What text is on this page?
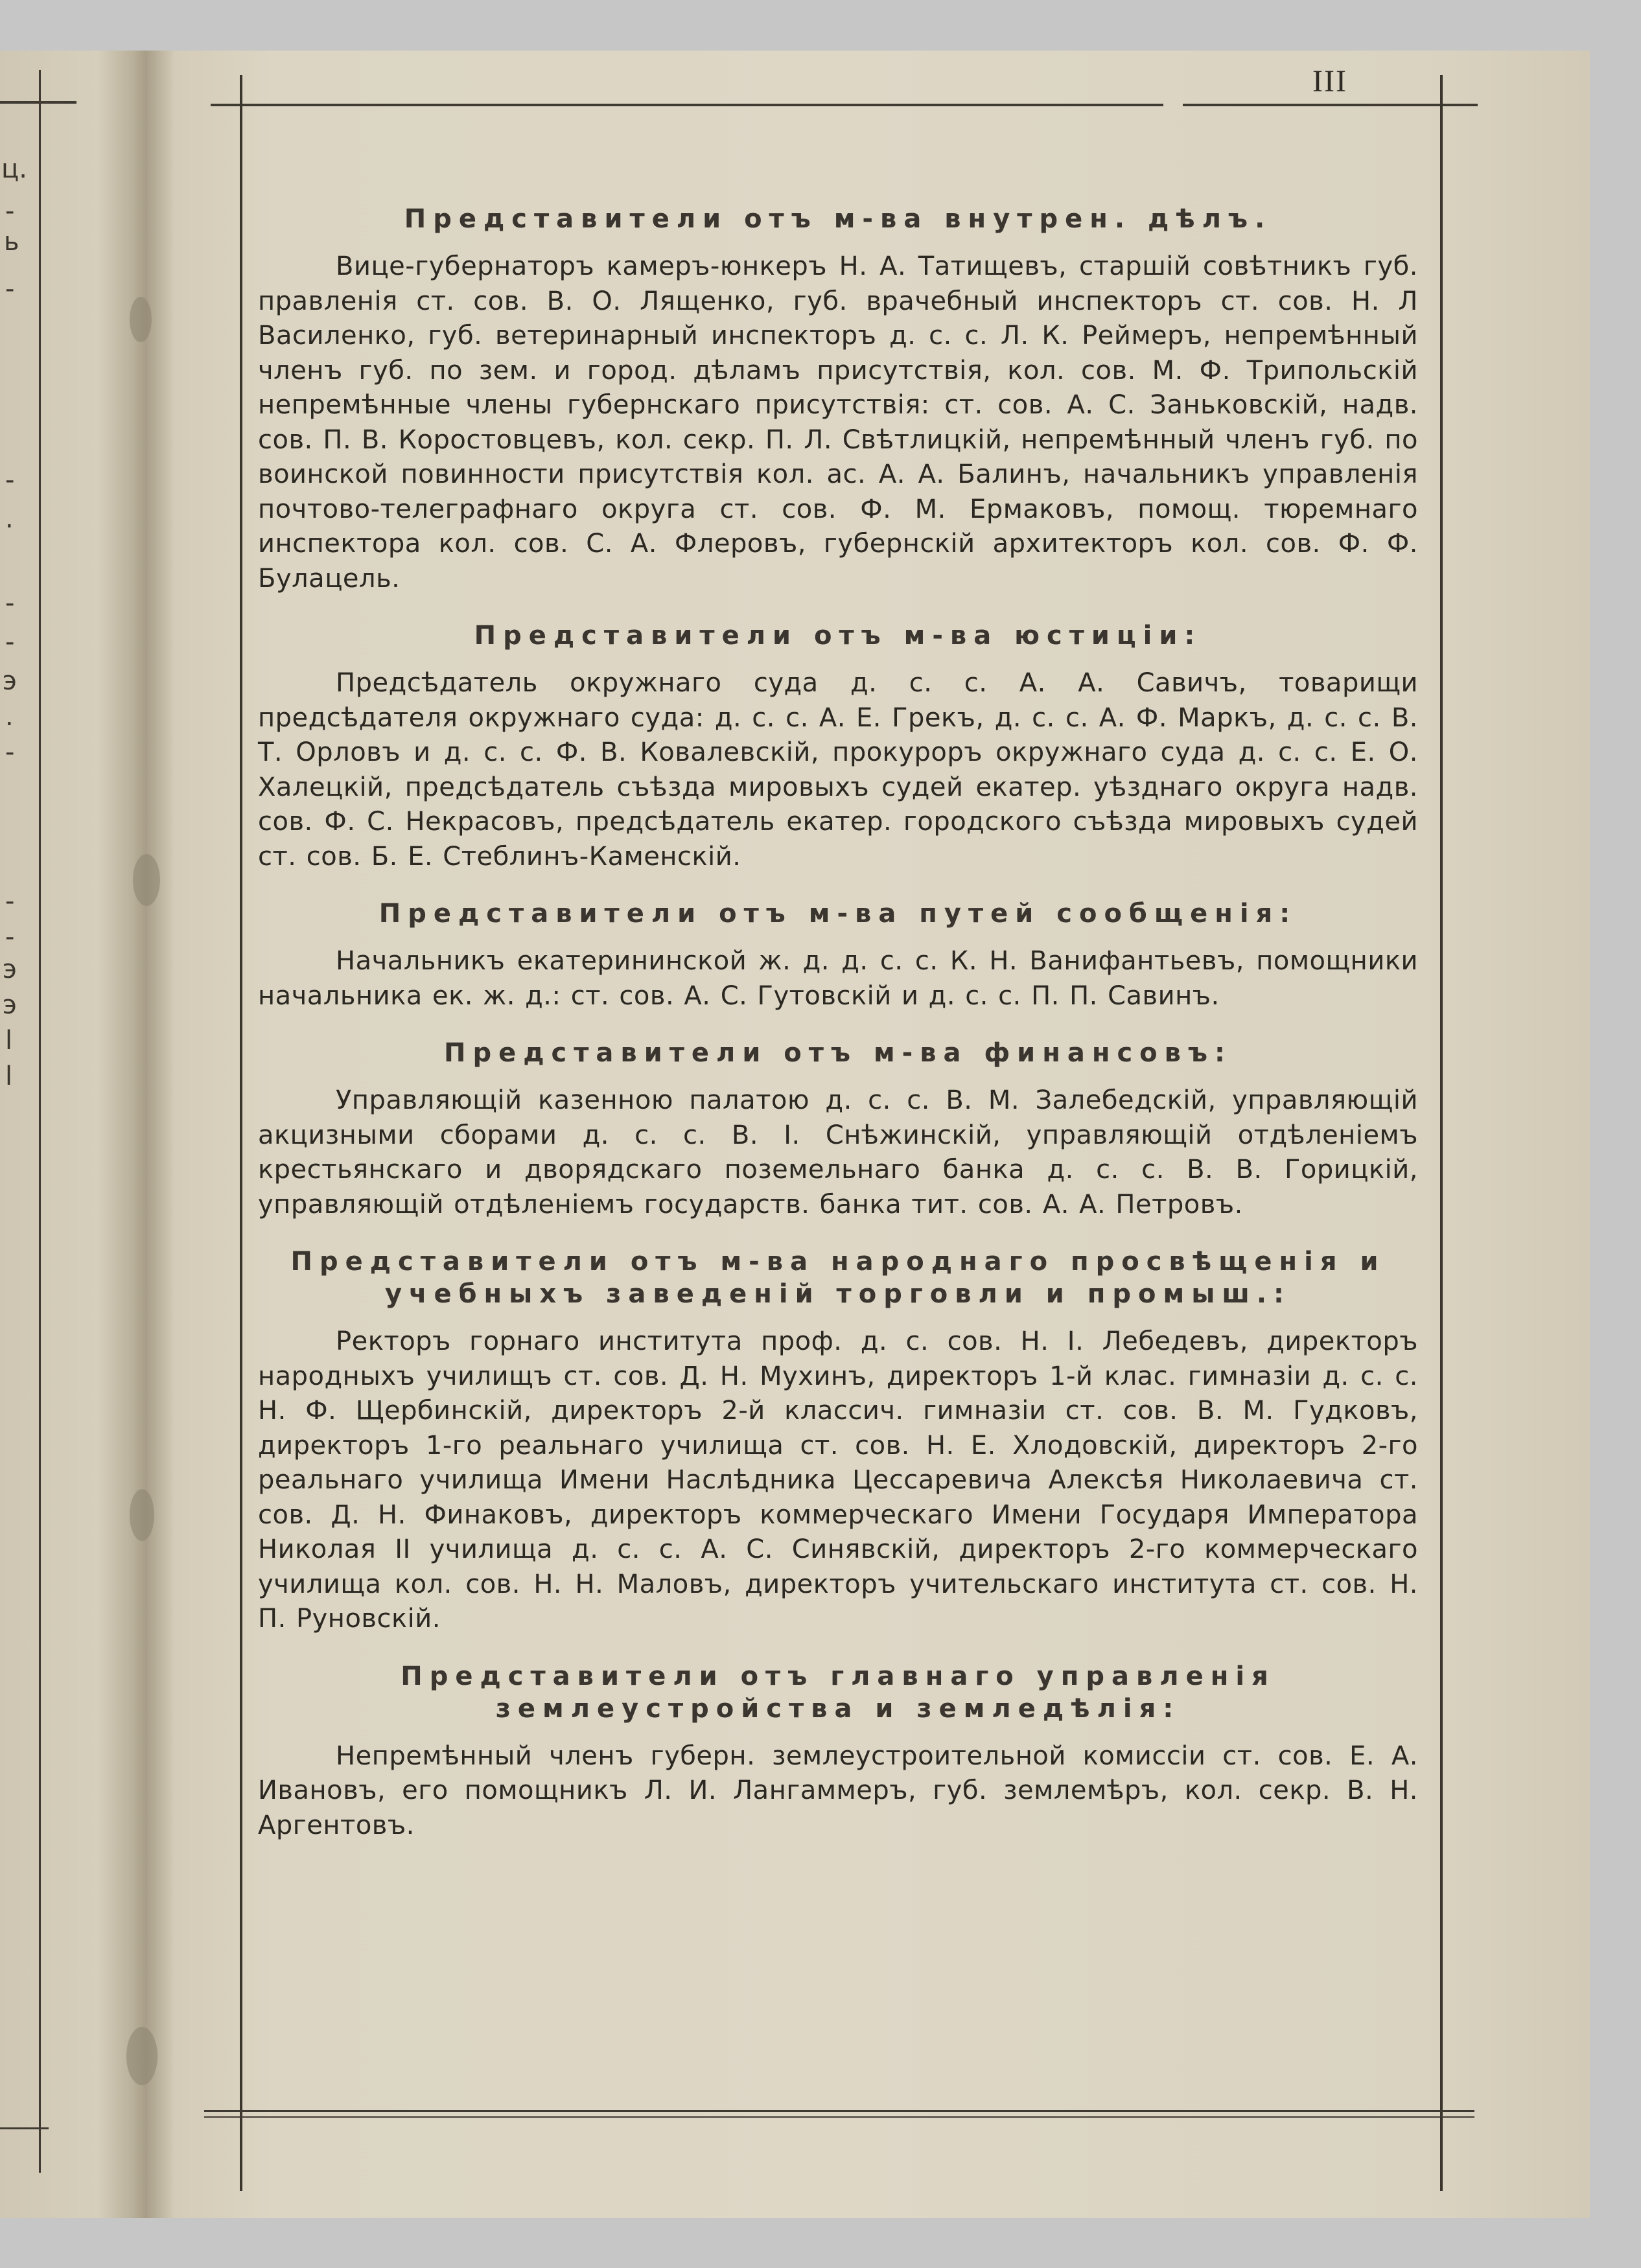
ц.
-
ь
-
-
.
-
-
э
.
-
-
-
э
э
l
l
III
Представители отъ м-ва внутрен. дѣлъ.

Вице-губернаторъ камеръ-юнкеръ Н. А. Татищевъ, старшій совѣтникъ губ. правленія ст. сов. В. О. Лященко, губ. врачебный инспекторъ ст. сов. Н. Л Василенко, губ. ветеринарный инспекторъ д. с. с. Л. К. Реймеръ, непремѣнный членъ губ. по зем. и город. дѣламъ присутствія, кол. сов. М. Ф. Трипольскій непремѣнные члены губернскаго присутствія: ст. сов. А. С. Заньковскій, надв. сов. П. В. Коростовцевъ, кол. секр. П. Л. Свѣтлицкій, непремѣнный членъ губ. по воинской повинности присутствія кол. ас. А. А. Балинъ, начальникъ управленія почтово-телеграфнаго округа ст. сов. Ф. М. Ермаковъ, помощ. тюремнаго инспектора кол. сов. С. А. Флеровъ, губернскій архитекторъ кол. сов. Ф. Ф. Булацель.

Представители отъ м-ва юстиціи:

Предсѣдатель окружнаго суда д. с. с. А. А. Савичъ, товарищи предсѣдателя окружнаго суда: д. с. с. А. Е. Грекъ, д. с. с. А. Ф. Маркъ, д. с. с. В. Т. Орловъ и д. с. с. Ф. В. Ковалевскій, прокуроръ окружнаго суда д. с. с. Е. О. Халецкій, предсѣдатель съѣзда мировыхъ судей екатер. уѣзднаго округа надв. сов. Ф. С. Некрасовъ, предсѣдатель екатер. городского съѣзда мировыхъ судей ст. сов. Б. Е. Стеблинъ-Каменскій.

Представители отъ м-ва путей сообщенія:

Начальникъ екатерининской ж. д. д. с. с. К. Н. Ванифантьевъ, помощники начальника ек. ж. д.: ст. сов. А. С. Гутовскій и д. с. с. П. П. Савинъ.

Представители отъ м-ва финансовъ:

Управляющій казенною палатою д. с. с. В. М. Залебедскій, управляющій акцизными сборами д. с. с. В. I. Снѣжинскій, управляющій отдѣленіемъ крестьянскаго и дворядскаго поземельнаго банка д. с. с. В. В. Горицкій, управляющій отдѣленіемъ государств. банка тит. сов. А. А. Петровъ.

Представители отъ м-ва народнаго просвѣщенія и учебныхъ заведеній торговли и промыш.:

Ректоръ горнаго института проф. д. с. сов. Н. I. Лебедевъ, директоръ народныхъ училищъ ст. сов. Д. Н. Мухинъ, директоръ 1-й клас. гимназіи д. с. с. Н. Ф. Щербинскій, директоръ 2-й классич. гимназіи ст. сов. В. М. Гудковъ, директоръ 1-го реальнаго училища ст. сов. Н. Е. Хлодовскій, директоръ 2-го реальнаго училища Имени Наслѣдника Цессаревича Алексѣя Николаевича ст. сов. Д. Н. Финаковъ, директоръ коммерческаго Имени Государя Императора Николая II училища д. с. с. А. С. Синявскій, директоръ 2-го коммерческаго училища кол. сов. Н. Н. Маловъ, директоръ учительскаго института ст. сов. Н. П. Руновскій.

Представители отъ главнаго управленія землеустройства и земледѣлія:

Непремѣнный членъ губерн. землеустроительной комиссіи ст. сов. Е. А. Ивановъ, его помощникъ Л. И. Лангаммеръ, губ. землемѣръ, кол. секр. В. Н. Аргентовъ.
